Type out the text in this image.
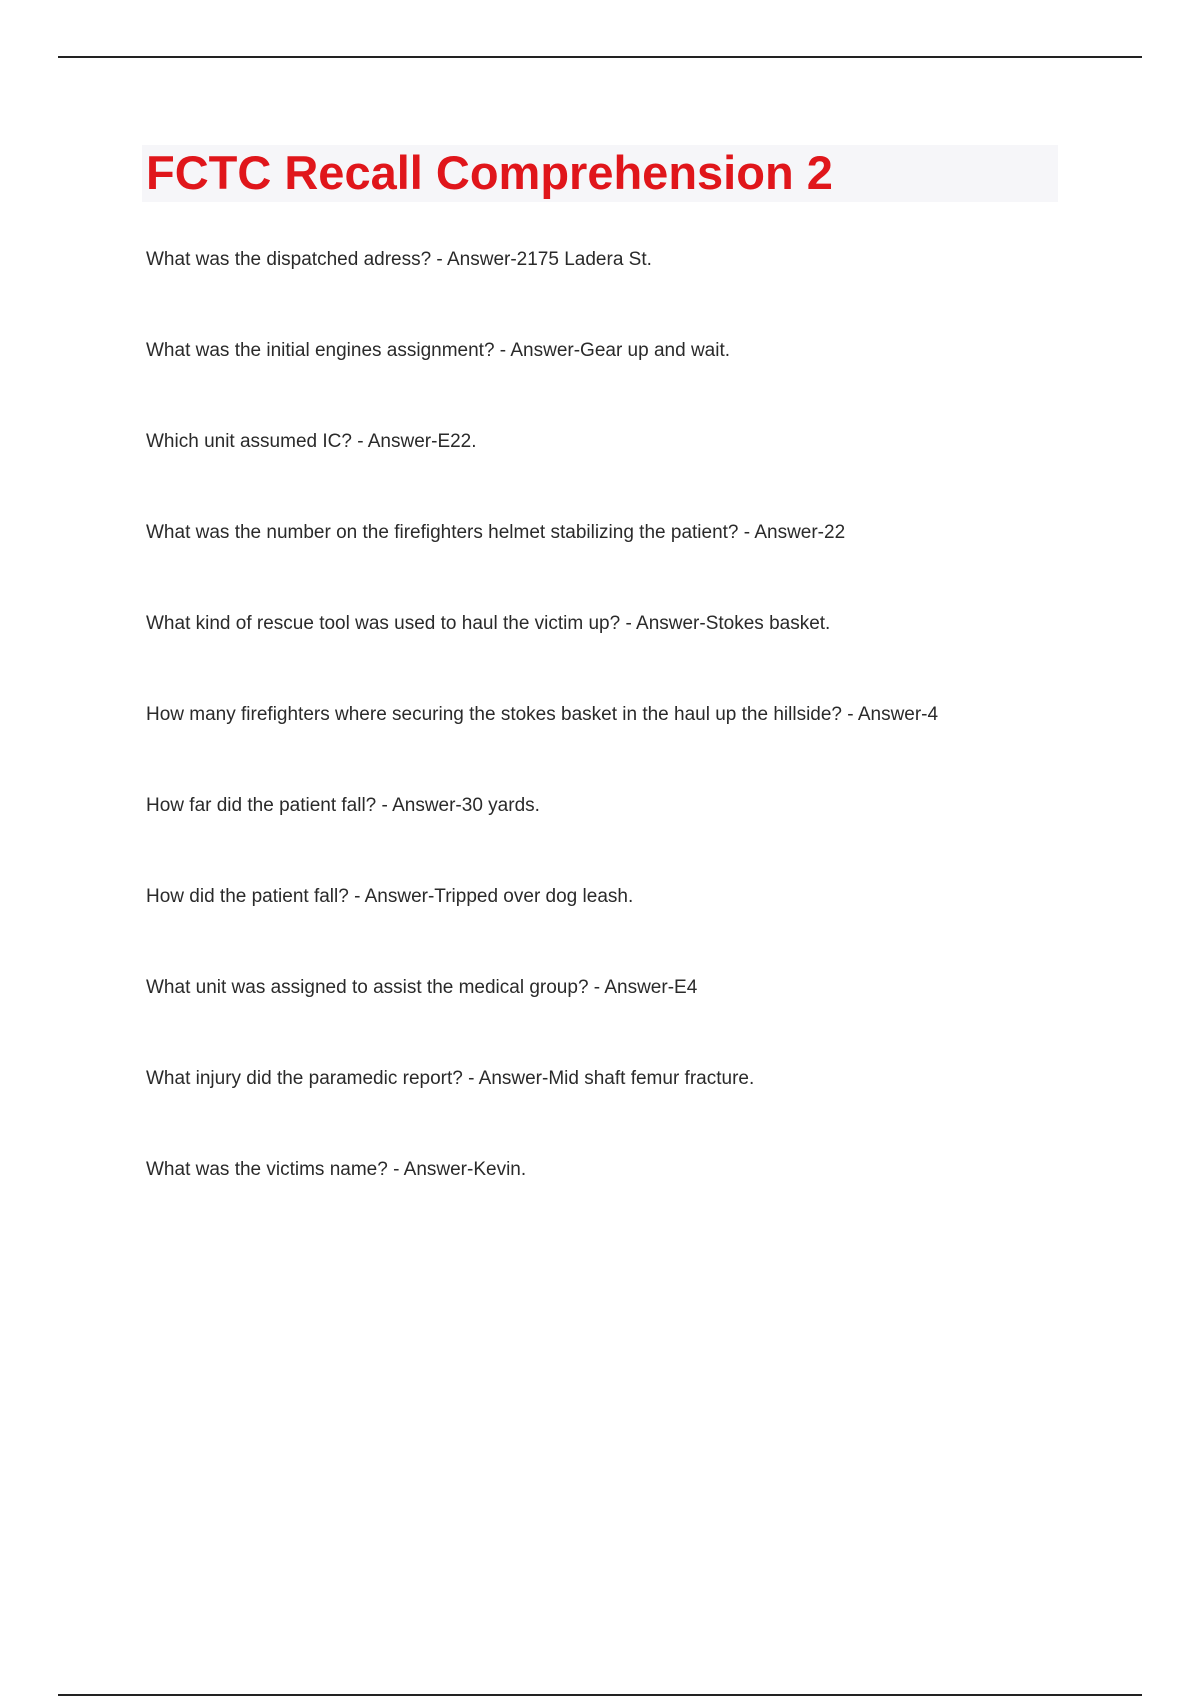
FCTC Recall Comprehension 2
What was the dispatched adress? - Answer-2175 Ladera St.
What was the initial engines assignment? - Answer-Gear up and wait.
Which unit assumed IC? - Answer-E22.
What was the number on the firefighters helmet stabilizing the patient? - Answer-22
What kind of rescue tool was used to haul the victim up? - Answer-Stokes basket.
How many firefighters where securing the stokes basket in the haul up the hillside? - Answer-4
How far did the patient fall? - Answer-30 yards.
How did the patient fall? - Answer-Tripped over dog leash.
What unit was assigned to assist the medical group? - Answer-E4
What injury did the paramedic report? - Answer-Mid shaft femur fracture.
What was the victims name? - Answer-Kevin.
